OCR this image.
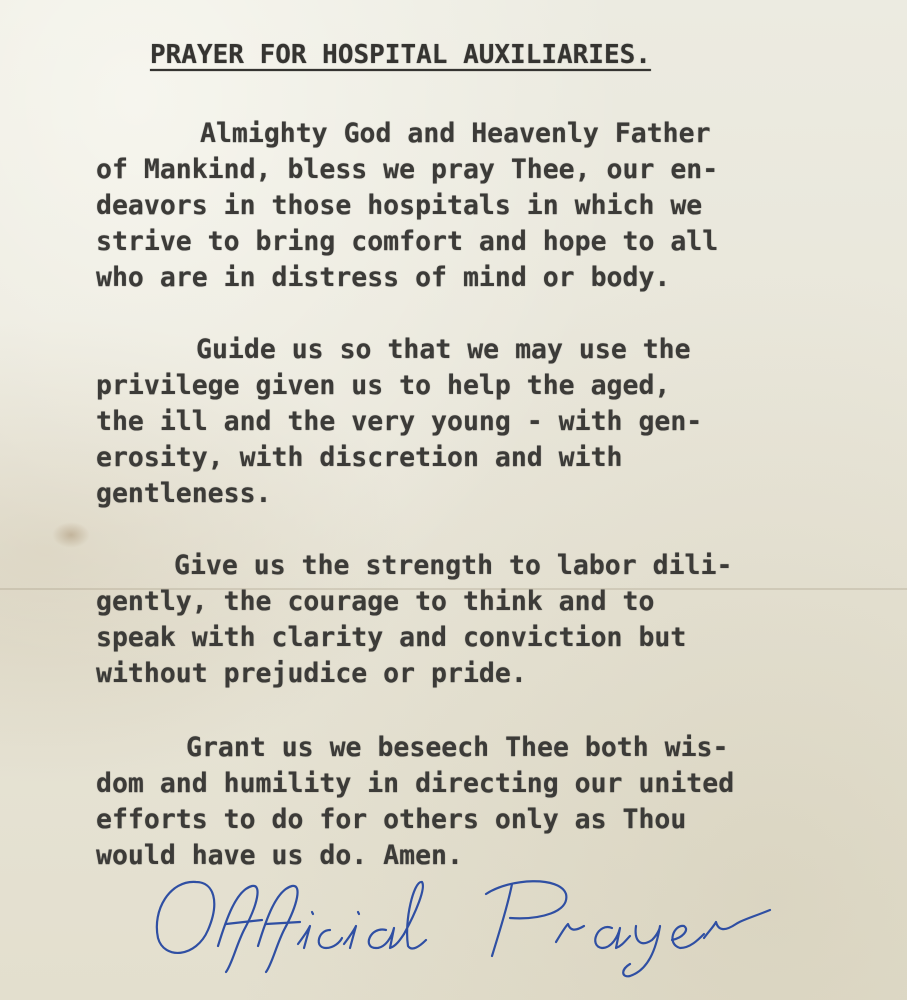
PRAYER FOR HOSPITAL AUXILIARIES.
Almighty God and Heavenly Father
of Mankind, bless we pray Thee, our en-
deavors in those hospitals in which we
strive to bring comfort and hope to all
who are in distress of mind or body.
Guide us so that we may use the
privilege given us to help the aged,
the ill and the very young - with gen-
erosity, with discretion and with
gentleness.
Give us the strength to labor dili-
gently, the courage to think and to
speak with clarity and conviction but
without prejudice or pride.
Grant us we beseech Thee both wis-
dom and humility in directing our united
efforts to do for others only as Thou
would have us do. Amen.
